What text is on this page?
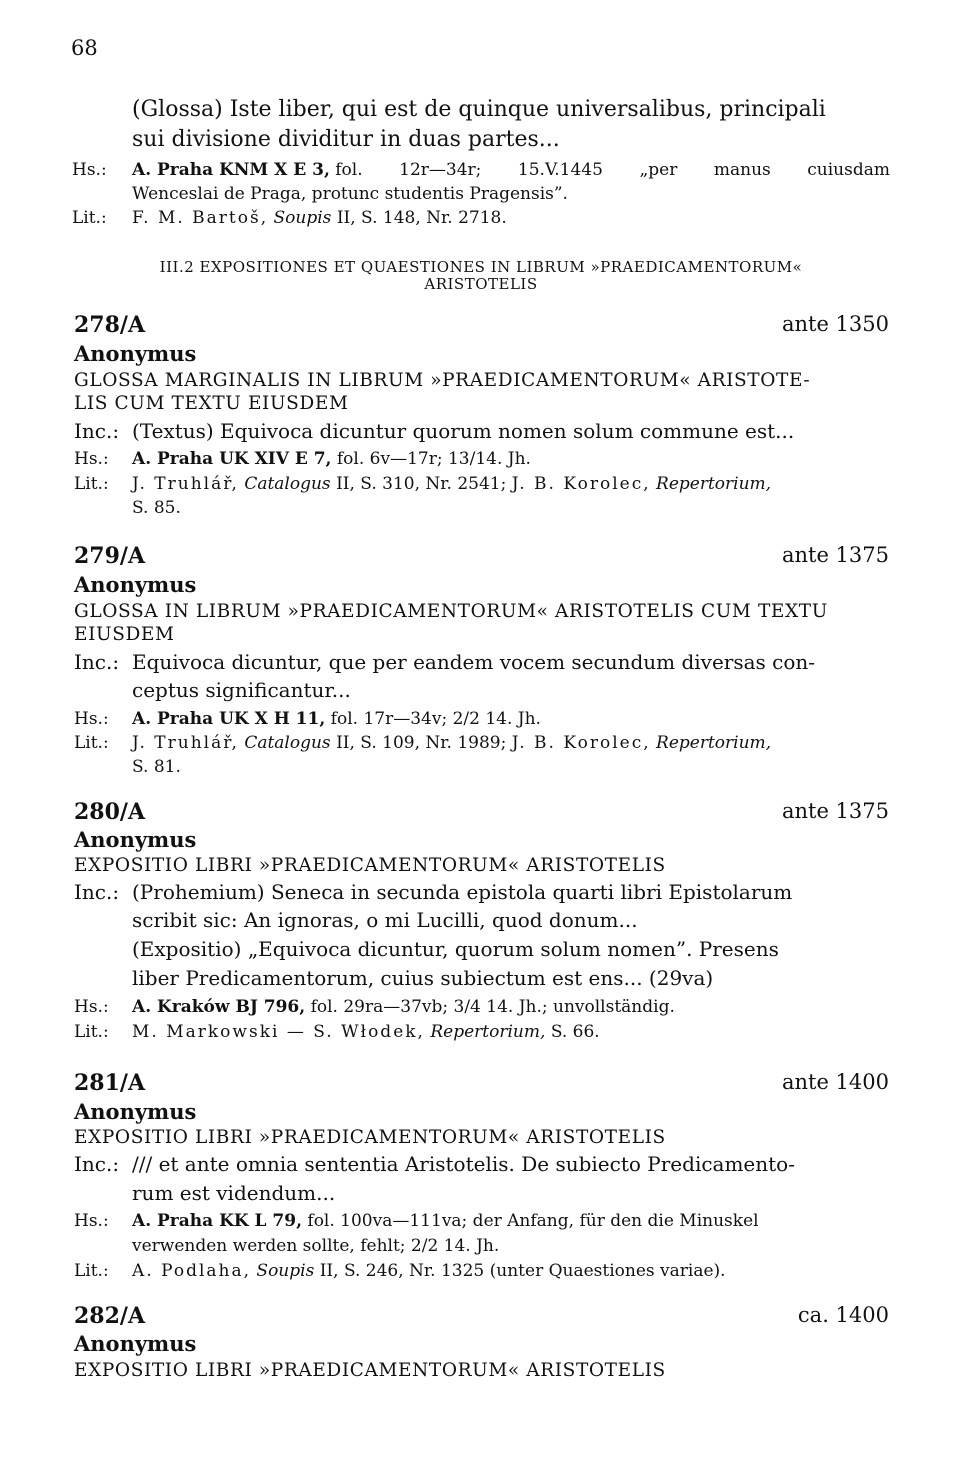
68
(Glossa) Iste liber, qui est de quinque universalibus, principali
sui divisione dividitur in duas partes...
Hs.: A. Praha KNM X E 3, fol. 12r—34r; 15.V.1445 „per manus cuiusdam
Wenceslai de Praga, protunc studentis Pragensis”.
Lit.: F. M. Bartoš, Soupis II, S. 148, Nr. 2718.
III.2 EXPOSITIONES ET QUAESTIONES IN LIBRUM »PRAEDICAMENTORUM«
ARISTOTELIS
278/A	ante 1350
Anonymus
GLOSSA MARGINALIS IN LIBRUM »PRAEDICAMENTORUM« ARISTOTE-
LIS CUM TEXTU EIUSDEM
Inc.: (Textus) Equivoca dicuntur quorum nomen solum commune est...
Hs.: A. Praha UK XIV E 7, fol. 6v—17r; 13/14. Jh.
Lit.: J. Truhlář, Catalogus II, S. 310, Nr. 2541; J. B. Korolec, Repertorium,
S. 85.
279/A	ante 1375
Anonymus
GLOSSA IN LIBRUM »PRAEDICAMENTORUM« ARISTOTELIS CUM TEXTU
EIUSDEM
Inc.: Equivoca dicuntur, que per eandem vocem secundum diversas con-
ceptus significantur...
Hs.: A. Praha UK X H 11, fol. 17r—34v; 2/2 14. Jh.
Lit.: J. Truhlář, Catalogus II, S. 109, Nr. 1989; J. B. Korolec, Repertorium,
S. 81.
280/A	ante 1375
Anonymus
EXPOSITIO LIBRI »PRAEDICAMENTORUM« ARISTOTELIS
Inc.: (Prohemium) Seneca in secunda epistola quarti libri Epistolarum
scribit sic: An ignoras, o mi Lucilli, quod donum...
(Expositio) „Equivoca dicuntur, quorum solum nomen”. Presens
liber Predicamentorum, cuius subiectum est ens... (29va)
Hs.: A. Kraków BJ 796, fol. 29ra—37vb; 3/4 14. Jh.; unvollständig.
Lit.: M. Markowski — S. Włodek, Repertorium, S. 66.
281/A	ante 1400
Anonymus
EXPOSITIO LIBRI »PRAEDICAMENTORUM« ARISTOTELIS
Inc.: /// et ante omnia sententia Aristotelis. De subiecto Predicamento-
rum est videndum...
Hs.: A. Praha KK L 79, fol. 100va—111va; der Anfang, für den die Minuskel
verwenden werden sollte, fehlt; 2/2 14. Jh.
Lit.: A. Podlaha, Soupis II, S. 246, Nr. 1325 (unter Quaestiones variae).
282/A	ca. 1400
Anonymus
EXPOSITIO LIBRI »PRAEDICAMENTORUM« ARISTOTELIS
